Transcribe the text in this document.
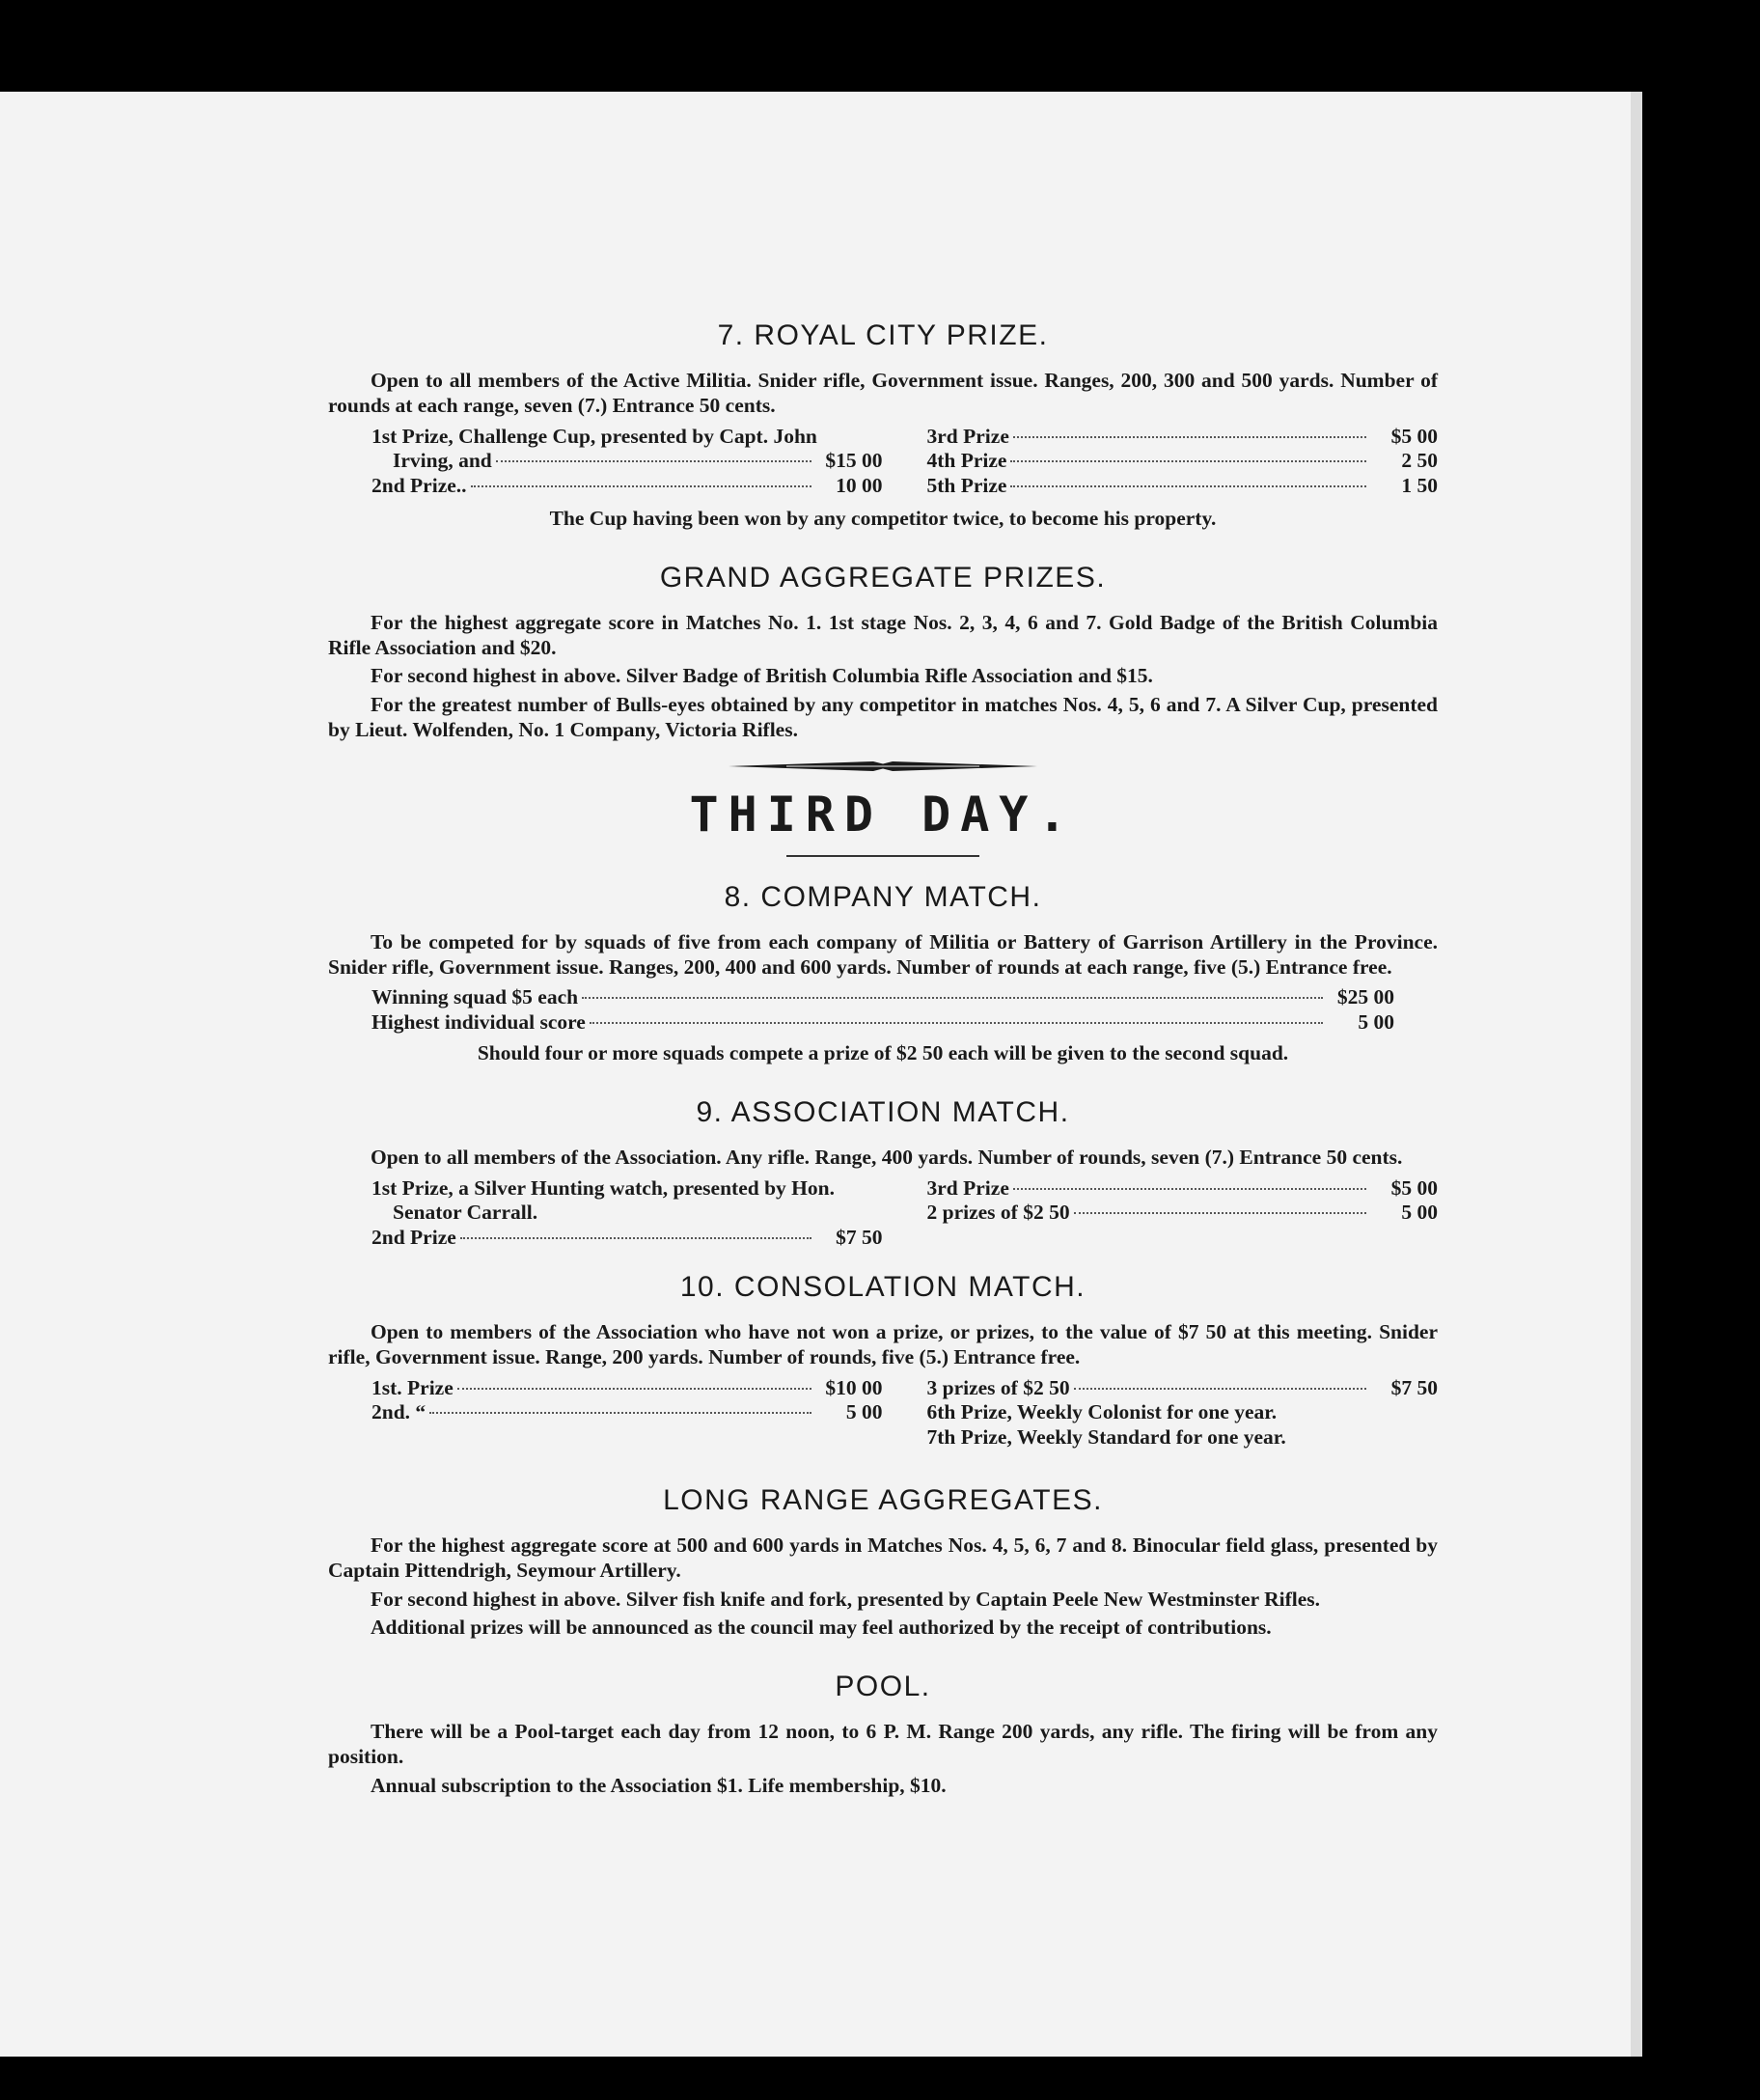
7. ROYAL CITY PRIZE.

Open to all members of the Active Militia. Snider rifle, Government issue. Ranges, 200, 300 and 500 yards. Number of rounds at each range, seven (7.) Entrance 50 cents.

1st Prize, Challenge Cup, presented by Capt. John
Irving, and	$15 00
2nd Prize..	10 00
3rd Prize	$5 00
4th Prize	2 50
5th Prize	1 50

The Cup having been won by any competitor twice, to become his property.

GRAND AGGREGATE PRIZES.

For the highest aggregate score in Matches No. 1. 1st stage Nos. 2, 3, 4, 6 and 7. Gold Badge of the British Columbia Rifle Association and $20.

For second highest in above. Silver Badge of British Columbia Rifle Association and $15.

For the greatest number of Bulls-eyes obtained by any competitor in matches Nos. 4, 5, 6 and 7. A Silver Cup, presented by Lieut. Wolfenden, No. 1 Company, Victoria Rifles.

THIRD DAY.
8. COMPANY MATCH.

To be competed for by squads of five from each company of Militia or Battery of Garrison Artillery in the Province. Snider rifle, Government issue. Ranges, 200, 400 and 600 yards. Number of rounds at each range, five (5.) Entrance free.

Winning squad $5 each	$25 00
Highest individual score	5 00

Should four or more squads compete a prize of $2 50 each will be given to the second squad.

9. ASSOCIATION MATCH.

Open to all members of the Association. Any rifle. Range, 400 yards. Number of rounds, seven (7.) Entrance 50 cents.

1st Prize, a Silver Hunting watch, presented by Hon.
Senator Carrall.
2nd Prize	$7 50
3rd Prize	$5 00
2 prizes of $2 50	5 00
10. CONSOLATION MATCH.

Open to members of the Association who have not won a prize, or prizes, to the value of $7 50 at this meeting. Snider rifle, Government issue. Range, 200 yards. Number of rounds, five (5.) Entrance free.

1st. Prize	$10 00
2nd. “	5 00
3 prizes of $2 50	$7 50
6th Prize, Weekly Colonist for one year.
7th Prize, Weekly Standard for one year.
LONG RANGE AGGREGATES.

For the highest aggregate score at 500 and 600 yards in Matches Nos. 4, 5, 6, 7 and 8. Binocular field glass, presented by Captain Pittendrigh, Seymour Artillery.

For second highest in above. Silver fish knife and fork, presented by Captain Peele New Westminster Rifles.

Additional prizes will be announced as the council may feel authorized by the receipt of contributions.

POOL.

There will be a Pool-target each day from 12 noon, to 6 P. M. Range 200 yards, any rifle. The firing will be from any position.

Annual subscription to the Association $1. Life membership, $10.
